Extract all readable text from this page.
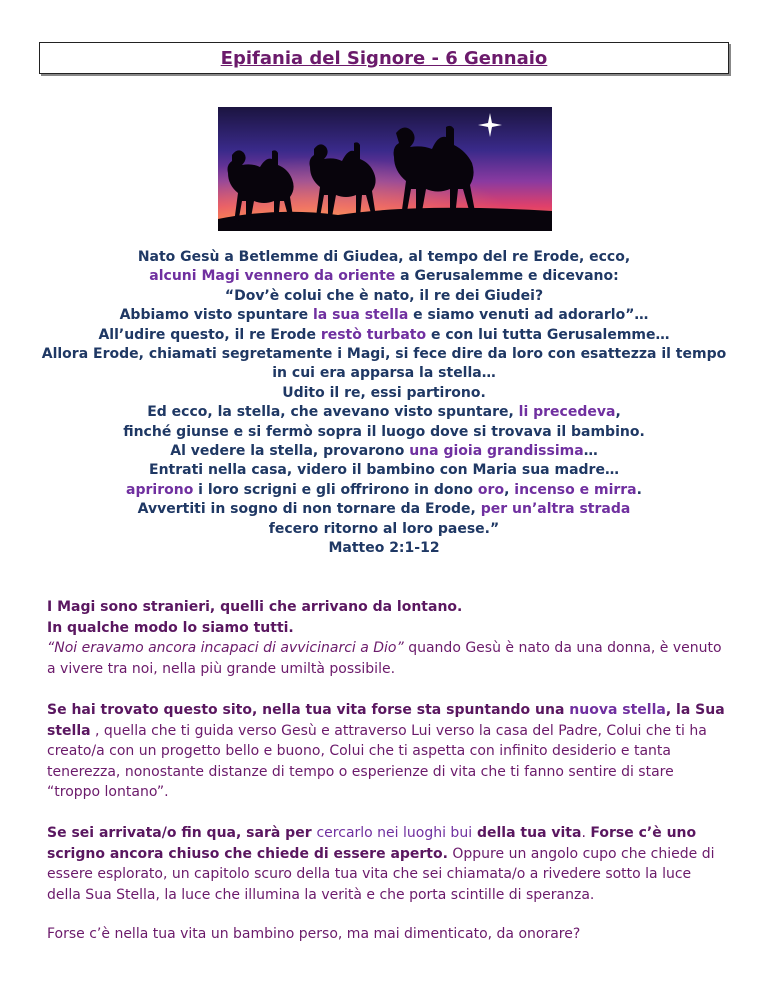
Epifania del Signore - 6 Gennaio
Nato Gesù a Betlemme di Giudea, al tempo del re Erode, ecco,
alcuni Magi vennero da oriente a Gerusalemme e dicevano:
“Dov’è colui che è nato, il re dei Giudei?
Abbiamo visto spuntare la sua stella e siamo venuti ad adorarlo”…
All’udire questo, il re Erode restò turbato e con lui tutta Gerusalemme…
Allora Erode, chiamati segretamente i Magi, si fece dire da loro con esattezza il tempo
in cui era apparsa la stella…
Udito il re, essi partirono.
Ed ecco, la stella, che avevano visto spuntare, li precedeva,
finché giunse e si fermò sopra il luogo dove si trovava il bambino.
Al vedere la stella, provarono una gioia grandissima…
Entrati nella casa, videro il bambino con Maria sua madre…
aprirono i loro scrigni e gli offrirono in dono oro, incenso e mirra.
Avvertiti in sogno di non tornare da Erode, per un’altra strada
fecero ritorno al loro paese.”
Matteo 2:1-12

I Magi sono stranieri, quelli che arrivano da lontano.
In qualche modo lo siamo tutti.
“Noi eravamo ancora incapaci di avvicinarci a Dio” quando Gesù è nato da una donna, è venuto a vivere tra noi, nella più grande umiltà possibile.

Se hai trovato questo sito, nella tua vita forse sta spuntando una nuova stella, la Sua stella , quella che ti guida verso Gesù e attraverso Lui verso la casa del Padre, Colui che ti ha creato/a con un progetto bello e buono, Colui che ti aspetta con infinito desiderio e tanta tenerezza, nonostante distanze di tempo o esperienze di vita che ti fanno sentire di stare “troppo lontano”.

Se sei arrivata/o fin qua, sarà per cercarlo nei luoghi bui della tua vita. Forse c’è uno scrigno ancora chiuso che chiede di essere aperto. Oppure un angolo cupo che chiede di essere esplorato, un capitolo scuro della tua vita che sei chiamata/o a rivedere sotto la luce della Sua Stella, la luce che illumina la verità e che porta scintille di speranza.

Forse c’è nella tua vita un bambino perso, ma mai dimenticato, da onorare?
